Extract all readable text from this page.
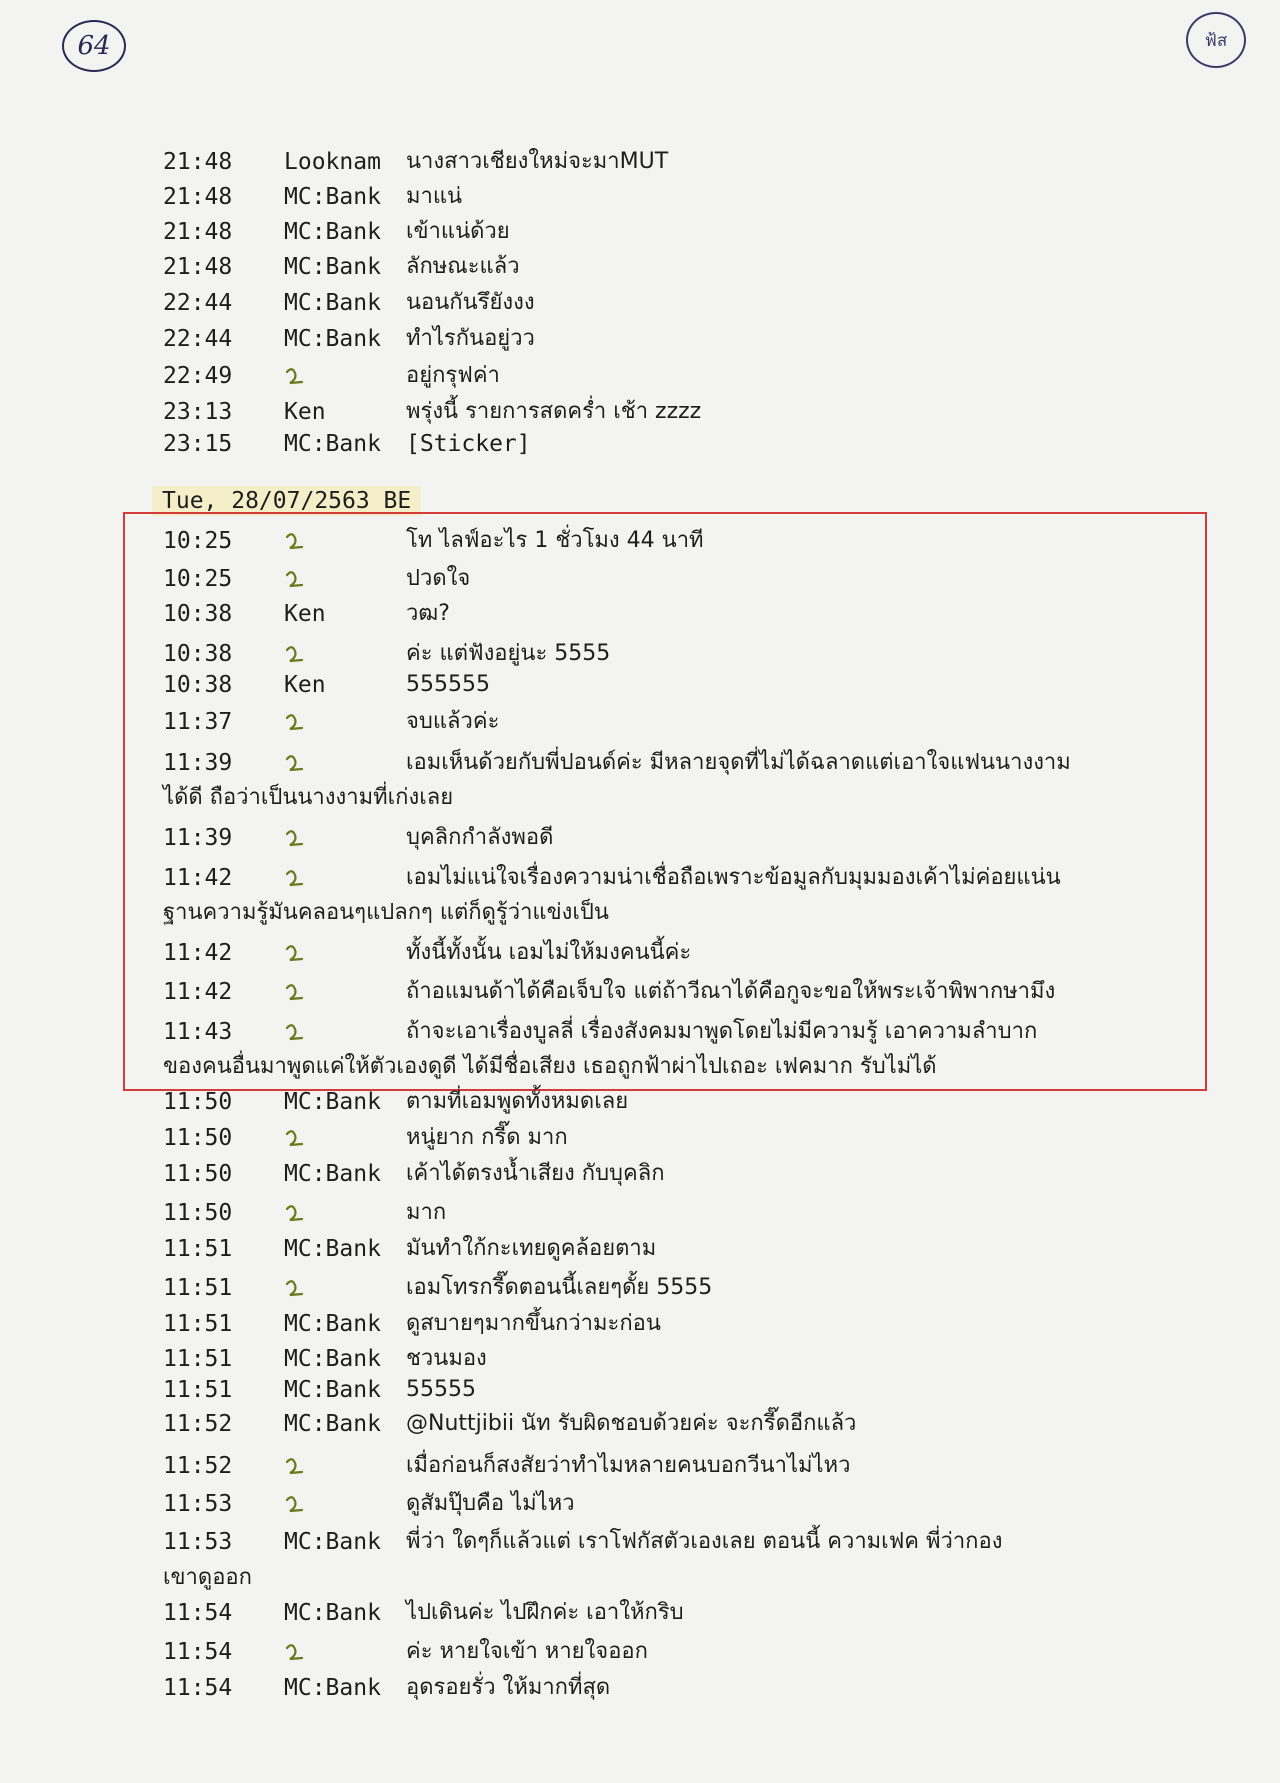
64	ฟ้ส
21:48 Looknam นางสาวเชียงใหม่จะมาMUT
21:48 MC:Bank มาแน่
21:48 MC:Bank เข้าแน่ด้วย
21:48 MC:Bank ลักษณะแล้ว
22:44 MC:Bank นอนกันรึยังงง
22:44 MC:Bank ทำไรกันอยู่วว
22:49	อยู่กรุฟค่า
23:13 Ken	พรุ่งนี้ รายการสดคร่ำ เช้า zzzz
23:15 MC:Bank [Sticker]
Tue, 28/07/2563 BE
10:25	โท ไลฟ์อะไร 1 ชั่วโมง 44 นาที
10:25	ปวดใจ
10:38 Ken	วฒ?
10:38	ค่ะ แต่ฟังอยู่นะ 5555
10:38 Ken	555555
11:37	จบแล้วค่ะ
11:39	เอมเห็นด้วยกับพี่ปอนด์ค่ะ มีหลายจุดที่ไม่ได้ฉลาดแต่เอาใจแฟนนางงาม
ได้ดี ถือว่าเป็นนางงามที่เก่งเลย
11:39	บุคลิกกำลังพอดี
11:42	เอมไม่แน่ใจเรื่องความน่าเชื่อถือเพราะข้อมูลกับมุมมองเค้าไม่ค่อยแน่น
ฐานความรู้มันคลอนๆแปลกๆ แต่ก็ดูรู้ว่าแข่งเป็น
11:42	ทั้งนี้ทั้งนั้น เอมไม่ให้มงคนนี้ค่ะ
11:42	ถ้าอแมนด้าได้คือเจ็บใจ แต่ถ้าวีณาได้คือกูจะขอให้พระเจ้าพิพากษามึง
11:43	ถ้าจะเอาเรื่องบูลลี่ เรื่องสังคมมาพูดโดยไม่มีความรู้ เอาความลำบาก
ของคนอื่นมาพูดแค่ให้ตัวเองดูดี ได้มีชื่อเสียง เธอถูกฟ้าผ่าไปเถอะ เฟคมาก รับไม่ได้
11:50 MC:Bank ตามที่เอมพูดทั้งหมดเลย
11:50	หนู่ยาก กรี๊ด มาก
11:50 MC:Bank เค้าได้ตรงน้ำเสียง กับบุคลิก
11:50	มาก
11:51 MC:Bank มันทำใก้กะเทยดูคล้อยตาม
11:51	เอมโทรกรี๊ดตอนนี้เลยๆดั้ย 5555
11:51 MC:Bank ดูสบายๆมากขึ้นกว่ามะก่อน
11:51 MC:Bank ชวนมอง
11:51 MC:Bank 55555
11:52 MC:Bank @Nuttjibii นัท รับผิดชอบด้วยค่ะ จะกรี๊ดอีกแล้ว
11:52	เมื่อก่อนก็สงสัยว่าทำไมหลายคนบอกวีนาไม่ไหว
11:53	ดูสัมปุ๊บคือ ไม่ไหว
11:53 MC:Bank พี่ว่า ใดๆก็แล้วแต่ เราโฟกัสตัวเองเลย ตอนนี้ ความเฟค พี่ว่ากอง
เขาดูออก
11:54 MC:Bank ไปเดินค่ะ ไปฝึกค่ะ เอาให้กริบ
11:54	ค่ะ หายใจเข้า หายใจออก
11:54 MC:Bank อุดรอยรั่ว ให้มากที่สุด
